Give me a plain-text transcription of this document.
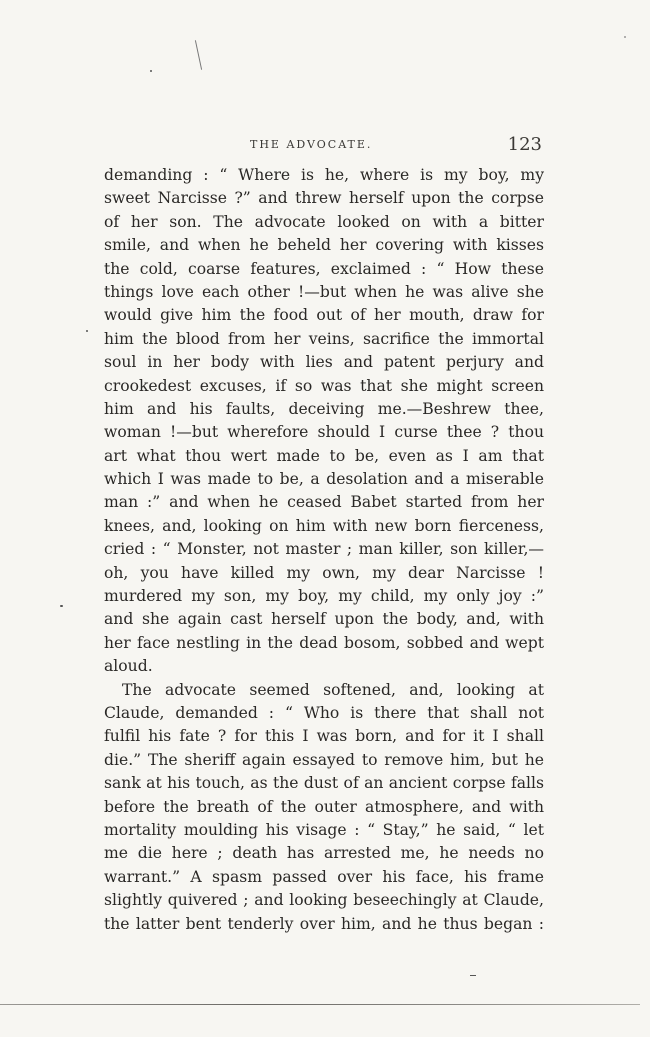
THE ADVOCATE.	123
demanding : “ Where is he, where is my boy, my
sweet Narcisse ?” and threw herself upon the corpse
of her son. The advocate looked on with a bitter
smile, and when he beheld her covering with kisses
the cold, coarse features, exclaimed : “ How these
things love each other !—but when he was alive she
would give him the food out of her mouth, draw for
him the blood from her veins, sacrifice the immortal
soul in her body with lies and patent perjury and
crookedest excuses, if so was that she might screen
him and his faults, deceiving me.—Beshrew thee,
woman !—but wherefore should I curse thee ? thou
art what thou wert made to be, even as I am that
which I was made to be, a desolation and a miserable
man :” and when he ceased Babet started from her
knees, and, looking on him with new born fierceness,
cried : “ Monster, not master ; man killer, son killer,—
oh, you have killed my own, my dear Narcisse !
murdered my son, my boy, my child, my only joy :”
and she again cast herself upon the body, and, with
her face nestling in the dead bosom, sobbed and wept
aloud.
The advocate seemed softened, and, looking at
Claude, demanded : “ Who is there that shall not
fulfil his fate ? for this I was born, and for it I shall
die.” The sheriff again essayed to remove him, but he
sank at his touch, as the dust of an ancient corpse falls
before the breath of the outer atmosphere, and with
mortality moulding his visage : “ Stay,” he said, “ let
me die here ; death has arrested me, he needs no
warrant.” A spasm passed over his face, his frame
slightly quivered ; and looking beseechingly at Claude,
the latter bent tenderly over him, and he thus began :
